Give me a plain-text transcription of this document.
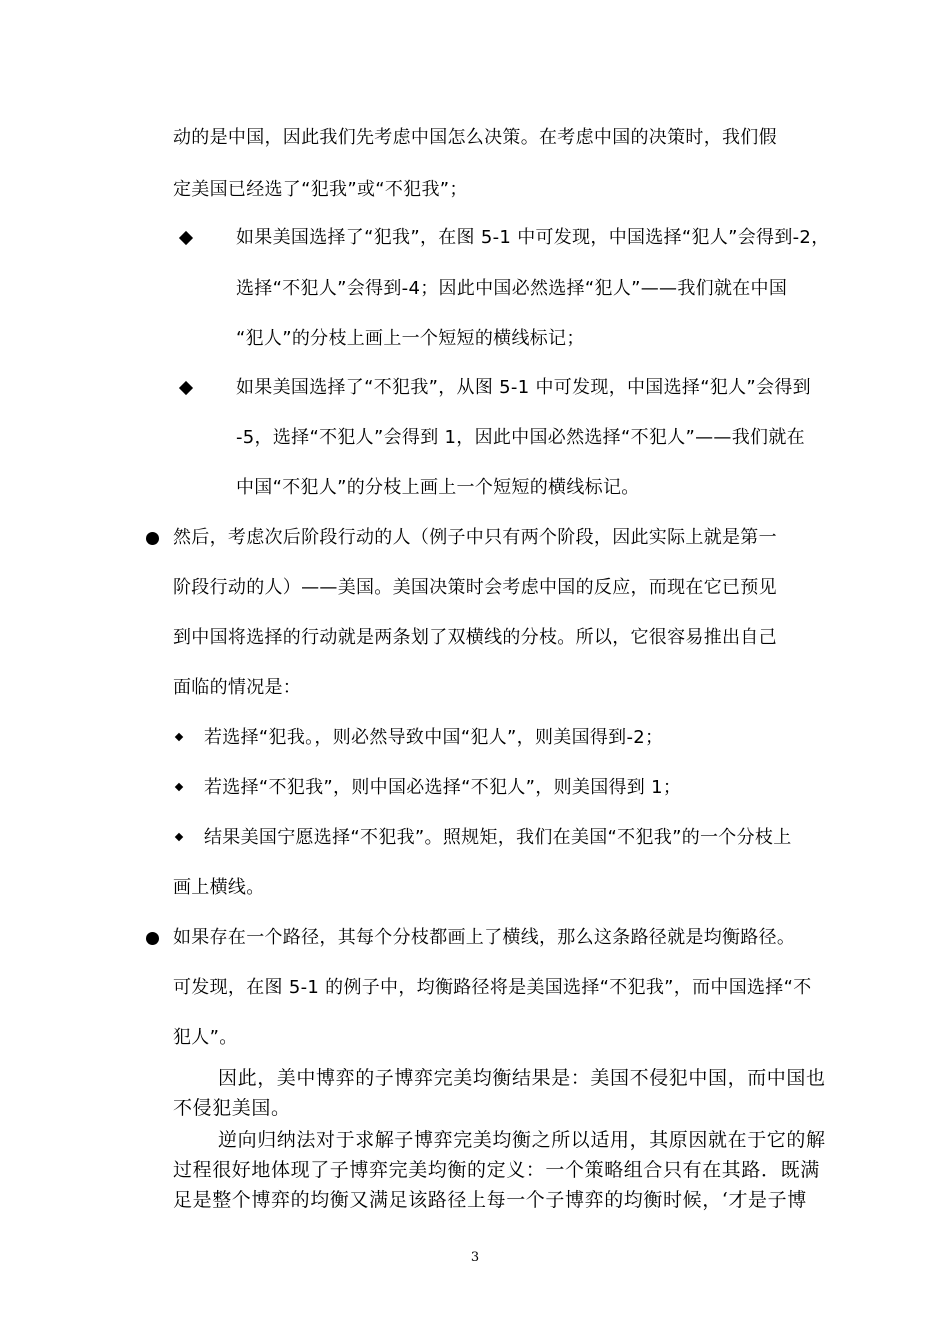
动的是中国，因此我们先考虑中国怎么决策。在考虑中国的决策时，我们假
定美国已经选了“犯我”或“不犯我”；
如果美国选择了“犯我”，在图 5-1 中可发现，中国选择“犯人”会得到-2，
选择“不犯人”会得到-4；因此中国必然选择“犯人”——我们就在中国
“犯人”的分枝上画上一个短短的横线标记；
如果美国选择了“不犯我”，从图 5-1 中可发现，中国选择“犯人”会得到
-5，选择“不犯人”会得到 1，因此中国必然选择“不犯人”——我们就在
中国“不犯人”的分枝上画上一个短短的横线标记。
然后，考虑次后阶段行动的人（例子中只有两个阶段，因此实际上就是第一
阶段行动的人）——美国。美国决策时会考虑中国的反应，而现在它已预见
到中国将选择的行动就是两条划了双横线的分枝。所以，它很容易推出自己
面临的情况是：
若选择“犯我。，则必然导致中国“犯人”，则美国得到-2；
若选择“不犯我”，则中国必选择“不犯人”，则美国得到 1；
结果美国宁愿选择“不犯我”。照规矩，我们在美国“不犯我”的一个分枝上
画上横线。
如果存在一个路径，其每个分枝都画上了横线，那么这条路径就是均衡路径。
可发现，在图 5-1 的例子中，均衡路径将是美国选择“不犯我”，而中国选择“不
犯人”。
因此，美中博弈的子博弈完美均衡结果是：美国不侵犯中国，而中国也
不侵犯美国。
逆向归纳法对于求解子博弈完美均衡之所以适用，其原因就在于它的解
过程很好地体现了子博弈完美均衡的定义：一个策略组合只有在其路．既满
足是整个博弈的均衡又满足该路径上每一个子博弈的均衡时候，‘才是子博
3
